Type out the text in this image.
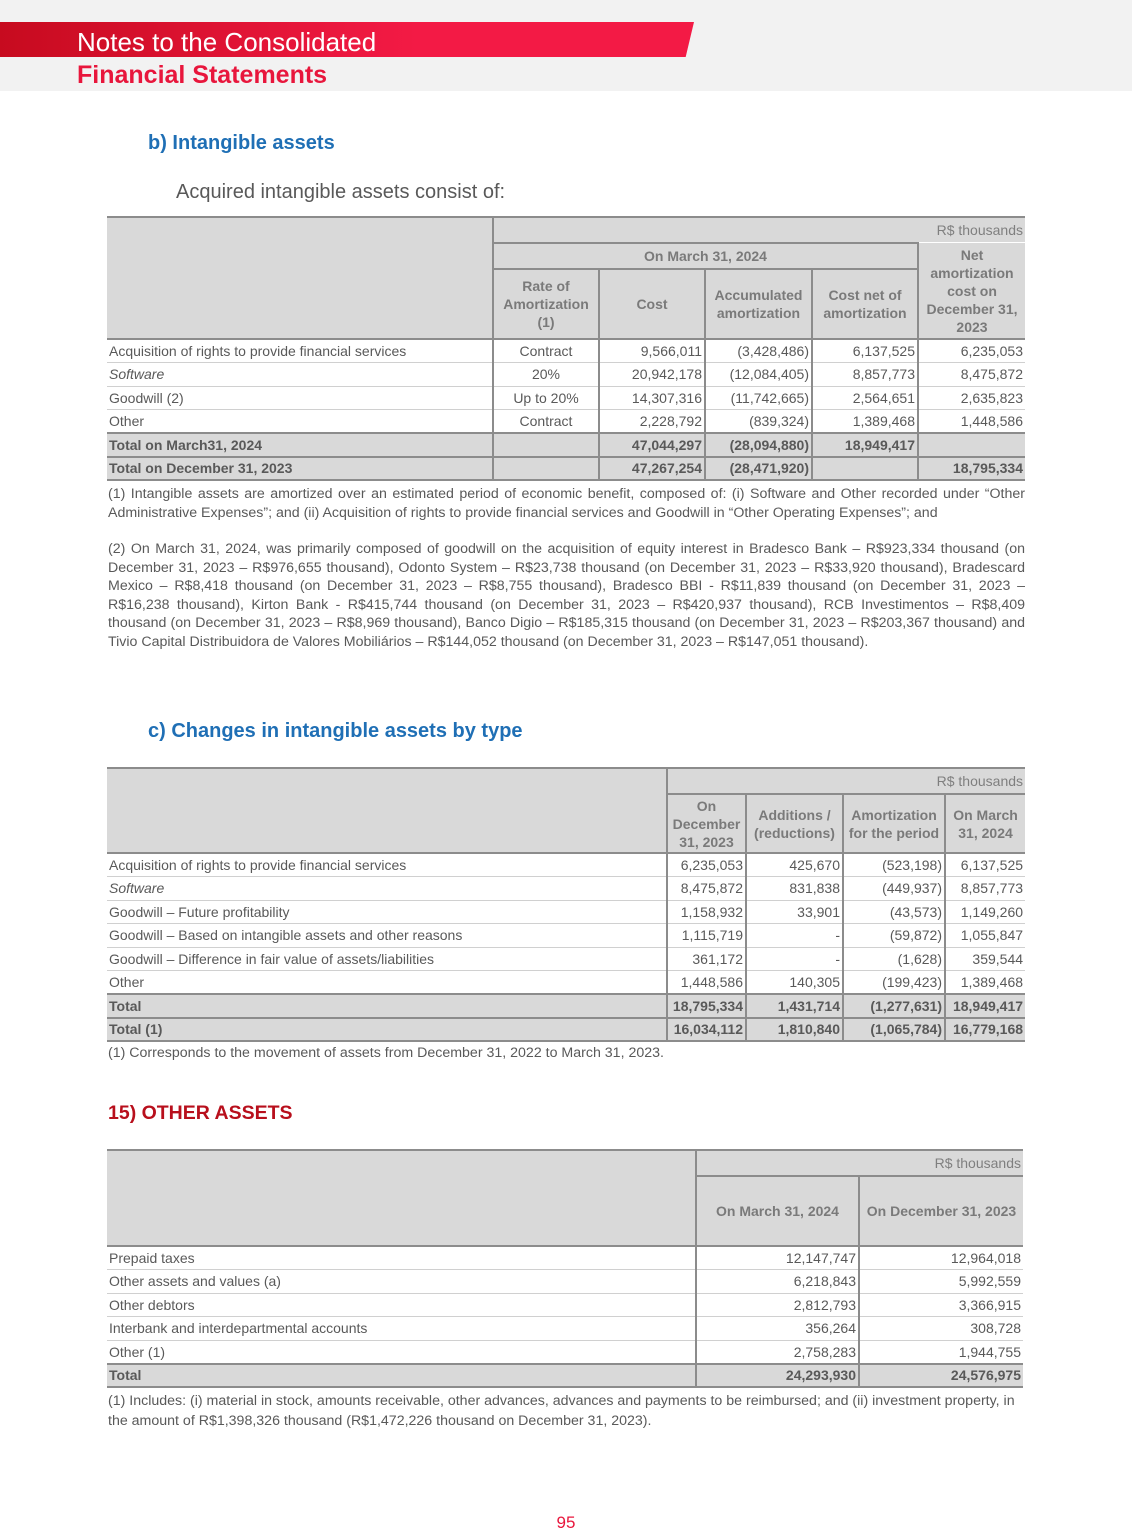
Notes to the Consolidated
Financial Statements
b) Intangible assets
Acquired intangible assets consist of:
	R$ thousands				
	On March 31, 2024				Net amortization cost on December 31, 2023
	Rate of Amortization (1)	Cost	Accumulated amortization	Cost net of amortization	
Acquisition of rights to provide financial services	Contract	9,566,011	(3,428,486)	6,137,525	6,235,053
Software	20%	20,942,178	(12,084,405)	8,857,773	8,475,872
Goodwill (2)	Up to 20%	14,307,316	(11,742,665)	2,564,651	2,635,823
Other	Contract	2,228,792	(839,324)	1,389,468	1,448,586
Total on March31, 2024		47,044,297	(28,094,880)	18,949,417	
Total on December 31, 2023		47,267,254	(28,471,920)		18,795,334
(1) Intangible assets are amortized over an estimated period of economic benefit, composed of: (i) Software and Other recorded under “Other Administrative Expenses”; and (ii) Acquisition of rights to provide financial services and Goodwill in “Other Operating Expenses”; and
(2) On March 31, 2024, was primarily composed of goodwill on the acquisition of equity interest in Bradesco Bank – R$923,334 thousand (on December 31, 2023 – R$976,655 thousand), Odonto System – R$23,738 thousand (on December 31, 2023 – R$33,920 thousand), Bradescard Mexico – R$8,418 thousand (on December 31, 2023 – R$8,755 thousand), Bradesco BBI - R$11,839 thousand (on December 31, 2023 – R$16,238 thousand), Kirton Bank - R$415,744 thousand (on December 31, 2023 – R$420,937 thousand), RCB Investimentos – R$8,409 thousand (on December 31, 2023 – R$8,969 thousand), Banco Digio – R$185,315 thousand (on December 31, 2023 – R$203,367 thousand) and Tivio Capital Distribuidora de Valores Mobiliários – R$144,052 thousand (on December 31, 2023 – R$147,051 thousand).
c) Changes in intangible assets by type
	R$ thousands			
	On December 31, 2023	Additions / (reductions)	Amortization for the period	On March 31, 2024
Acquisition of rights to provide financial services	6,235,053	425,670	(523,198)	6,137,525
Software	8,475,872	831,838	(449,937)	8,857,773
Goodwill – Future profitability	1,158,932	33,901	(43,573)	1,149,260
Goodwill – Based on intangible assets and other reasons	1,115,719	-	(59,872)	1,055,847
Goodwill – Difference in fair value of assets/liabilities	361,172	-	(1,628)	359,544
Other	1,448,586	140,305	(199,423)	1,389,468
Total	18,795,334	1,431,714	(1,277,631)	18,949,417
Total (1)	16,034,112	1,810,840	(1,065,784)	16,779,168
(1) Corresponds to the movement of assets from December 31, 2022 to March 31, 2023.
15) OTHER ASSETS
	R$ thousands	
	On March 31, 2024	On December 31, 2023
Prepaid taxes	12,147,747	12,964,018
Other assets and values (a)	6,218,843	5,992,559
Other debtors	2,812,793	3,366,915
Interbank and interdepartmental accounts	356,264	308,728
Other (1)	2,758,283	1,944,755
Total	24,293,930	24,576,975
(1) Includes: (i) material in stock, amounts receivable, other advances, advances and payments to be reimbursed; and (ii) investment property, in the amount of R$1,398,326 thousand (R$1,472,226 thousand on December 31, 2023).
95
